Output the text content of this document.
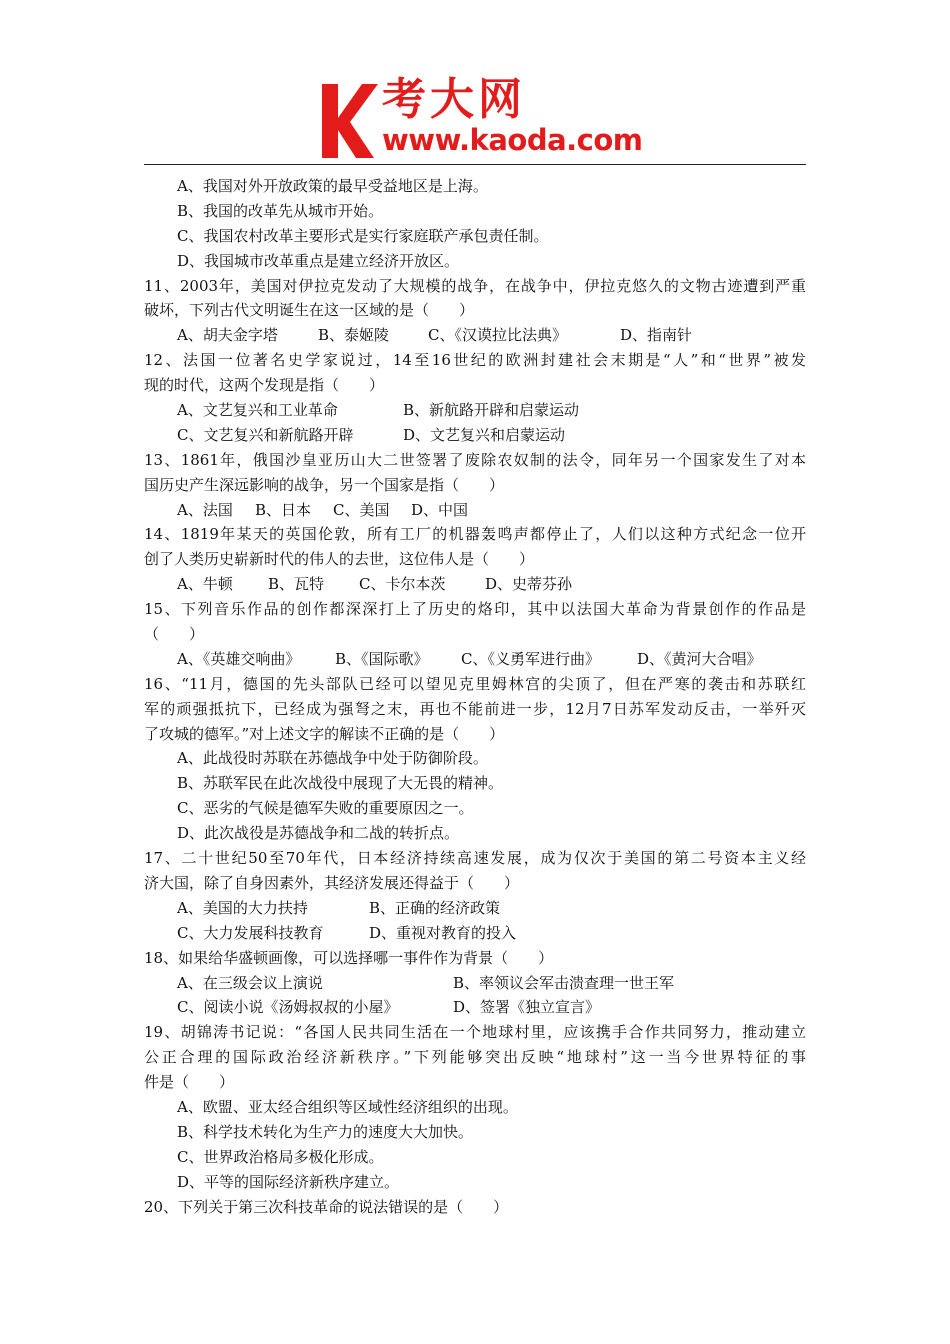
考大网
www.kaoda.com
A、我国对外开放政策的最早受益地区是上海。
B、我国的改革先从城市开始。
C、我国农村改革主要形式是实行家庭联产承包责任制。
D、我国城市改革重点是建立经济开放区。
11、2003年，美国对伊拉克发动了大规模的战争，在战争中，伊拉克悠久的文物古迹遭到严重
破坏，下列古代文明诞生在这一区域的是（　　）
A、胡夫金字塔	B、泰姬陵	C、《汉谟拉比法典》	D、指南针
12、法国一位著名史学家说过，14至16世纪的欧洲封建社会末期是“人”和“世界”被发
现的时代，这两个发现是指（　　）
A、文艺复兴和工业革命	B、新航路开辟和启蒙运动
C、文艺复兴和新航路开辟	D、文艺复兴和启蒙运动
13、1861年，俄国沙皇亚历山大二世签署了废除农奴制的法令，同年另一个国家发生了对本
国历史产生深远影响的战争，另一个国家是指（　　）
A、法国	B、日本	C、美国	D、中国
14、1819年某天的英国伦敦，所有工厂的机器轰鸣声都停止了，人们以这种方式纪念一位开
创了人类历史崭新时代的伟人的去世，这位伟人是（　　）
A、牛顿	B、瓦特	C、卡尔本茨	D、史蒂芬孙
15、下列音乐作品的创作都深深打上了历史的烙印，其中以法国大革命为背景创作的作品是
（　　）
A、《英雄交响曲》	B、《国际歌》	C、《义勇军进行曲》	D、《黄河大合唱》
16、“11月，德国的先头部队已经可以望见克里姆林宫的尖顶了，但在严寒的袭击和苏联红
军的顽强抵抗下，已经成为强弩之末，再也不能前进一步，12月7日苏军发动反击，一举歼灭
了攻城的德军。”对上述文字的解读不正确的是（　　）
A、此战役时苏联在苏德战争中处于防御阶段。
B、苏联军民在此次战役中展现了大无畏的精神。
C、恶劣的气候是德军失败的重要原因之一。
D、此次战役是苏德战争和二战的转折点。
17、二十世纪50至70年代，日本经济持续高速发展，成为仅次于美国的第二号资本主义经
济大国，除了自身因素外，其经济发展还得益于（　　）
A、美国的大力扶持	B、正确的经济政策
C、大力发展科技教育	D、重视对教育的投入
18、如果给华盛顿画像，可以选择哪一事件作为背景（　　）
A、在三级会议上演说	B、率领议会军击溃查理一世王军
C、阅读小说《汤姆叔叔的小屋》	D、签署《独立宣言》
19、胡锦涛书记说：“各国人民共同生活在一个地球村里，应该携手合作共同努力，推动建立
公正合理的国际政治经济新秩序。”下列能够突出反映“地球村”这一当今世界特征的事
件是（　　）
A、欧盟、亚太经合组织等区域性经济组织的出现。
B、科学技术转化为生产力的速度大大加快。
C、世界政治格局多极化形成。
D、平等的国际经济新秩序建立。
20、下列关于第三次科技革命的说法错误的是（　　）
